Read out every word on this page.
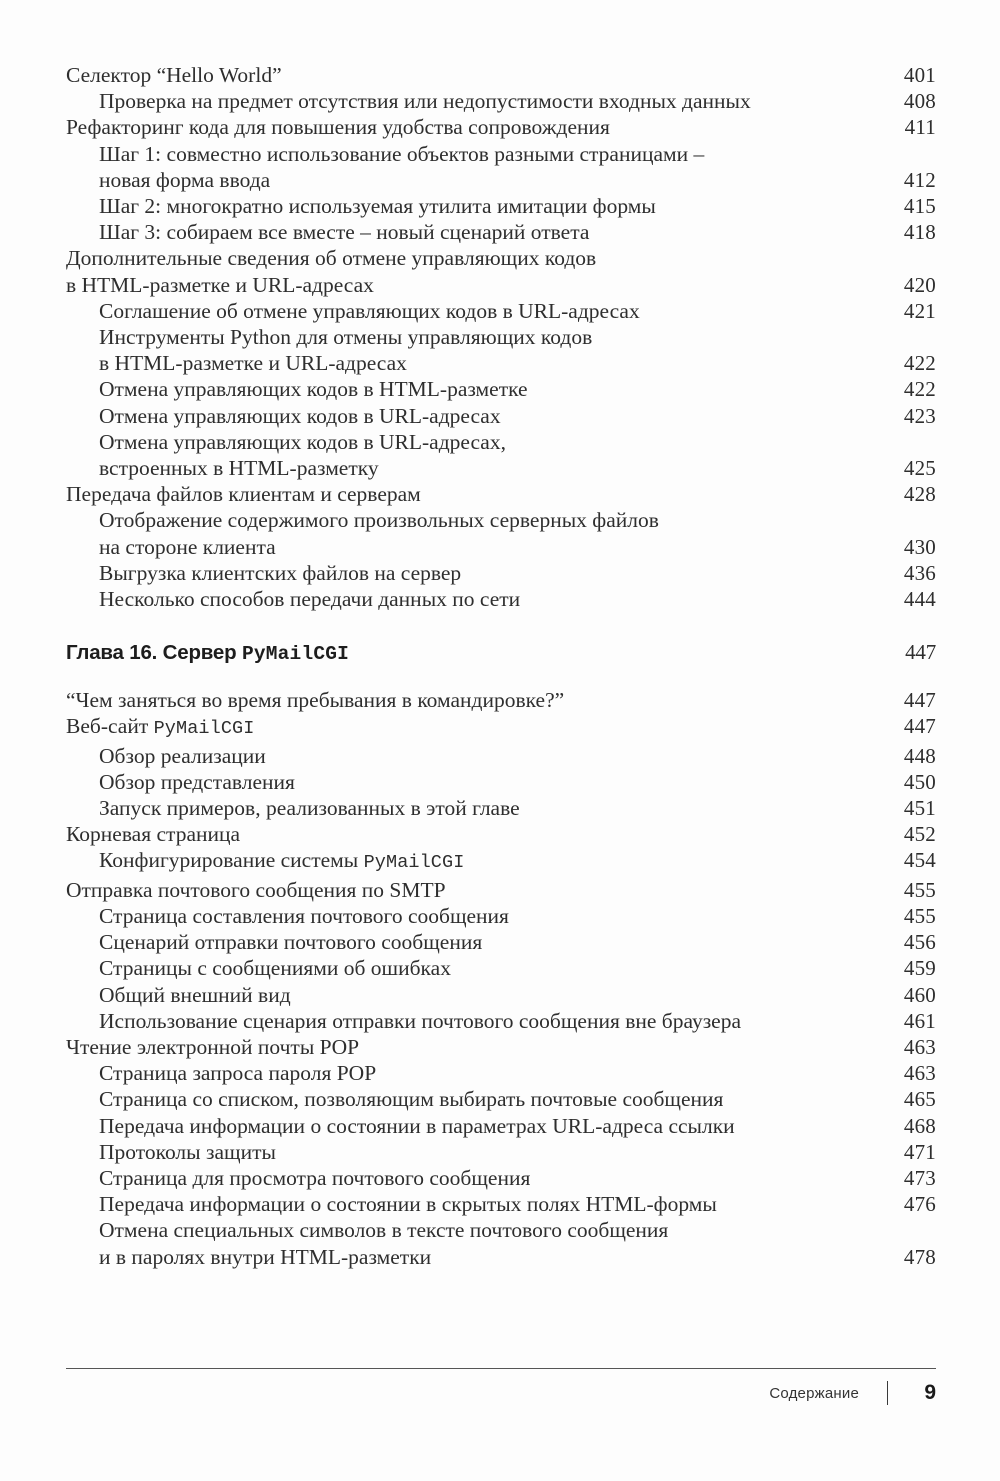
Селектор “Hello World”	401
Проверка на предмет отсутствия или недопустимости входных данных	408
Рефакторинг кода для повышения удобства сопровождения	411
Шаг 1: совместно использование объектов разными страницами –
новая форма ввода	412
Шаг 2: многократно используемая утилита имитации формы	415
Шаг 3: собираем все вместе – новый сценарий ответа	418
Дополнительные сведения об отмене управляющих кодов
в HTML-разметке и URL-адресах	420
Соглашение об отмене управляющих кодов в URL-адресах	421
Инструменты Python для отмены управляющих кодов
в HTML-разметке и URL-адресах	422
Отмена управляющих кодов в HTML-разметке	422
Отмена управляющих кодов в URL-адресах	423
Отмена управляющих кодов в URL-адресах,
встроенных в HTML-разметку	425
Передача файлов клиентам и серверам	428
Отображение содержимого произвольных серверных файлов
на стороне клиента	430
Выгрузка клиентских файлов на сервер	436
Несколько способов передачи данных по сети	444
Глава 16. Сервер PyMailCGI	447
“Чем заняться во время пребывания в командировке?”	447
Веб-сайт PyMailCGI	447
Обзор реализации	448
Обзор представления	450
Запуск примеров, реализованных в этой главе	451
Корневая страница	452
Конфигурирование системы PyMailCGI	454
Отправка почтового сообщения по SMTP	455
Страница составления почтового сообщения	455
Сценарий отправки почтового сообщения	456
Страницы с сообщениями об ошибках	459
Общий внешний вид	460
Использование сценария отправки почтового сообщения вне браузера	461
Чтение электронной почты POP	463
Страница запроса пароля POP	463
Страница со списком, позволяющим выбирать почтовые сообщения	465
Передача информации о состоянии в параметрах URL-адреса ссылки	468
Протоколы защиты	471
Страница для просмотра почтового сообщения	473
Передача информации о состоянии в скрытых полях HTML-формы	476
Отмена специальных символов в тексте почтового сообщения
и в паролях внутри HTML-разметки	478
Содержание	9
